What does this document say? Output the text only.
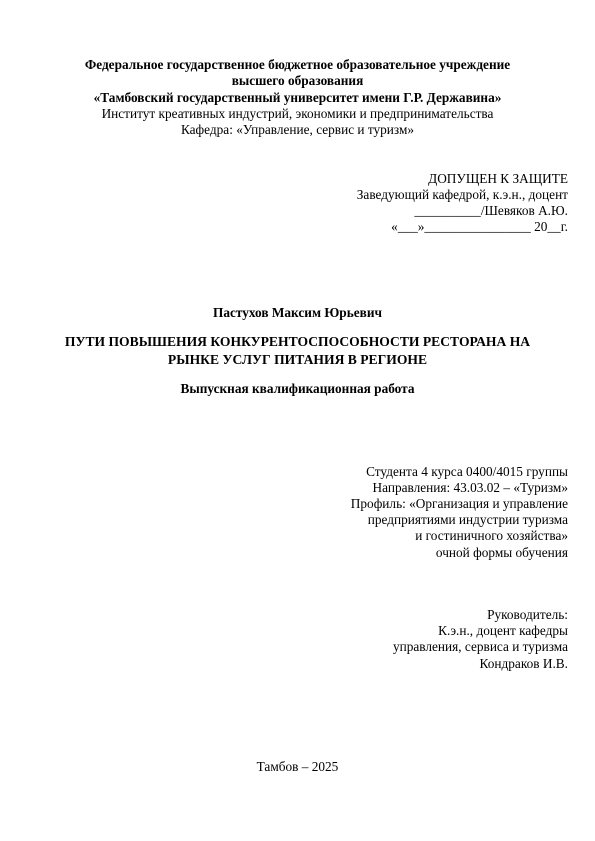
Федеральное государственное бюджетное образовательное учреждение
высшего образования
«Тамбовский государственный университет имени Г.Р. Державина»
Институт креативных индустрий, экономики и предпринимательства
Кафедра: «Управление, сервис и туризм»
ДОПУЩЕН К ЗАЩИТЕ
Заведующий кафедрой, к.э.н., доцент
__________/Шевяков А.Ю.
«___»________________ 20__г.
Пастухов Максим Юрьевич
ПУТИ ПОВЫШЕНИЯ КОНКУРЕНТОСПОСОБНОСТИ РЕСТОРАНА НА
РЫНКЕ УСЛУГ ПИТАНИЯ В РЕГИОНЕ
Выпускная квалификационная работа
Студента 4 курса 0400/4015 группы
Направления: 43.03.02 – «Туризм»
Профиль: «Организация и управление
предприятиями индустрии туризма
и гостиничного хозяйства»
очной формы обучения
Руководитель:
К.э.н., доцент кафедры
управления, сервиса и туризма
Кондраков И.В.
Тамбов – 2025
